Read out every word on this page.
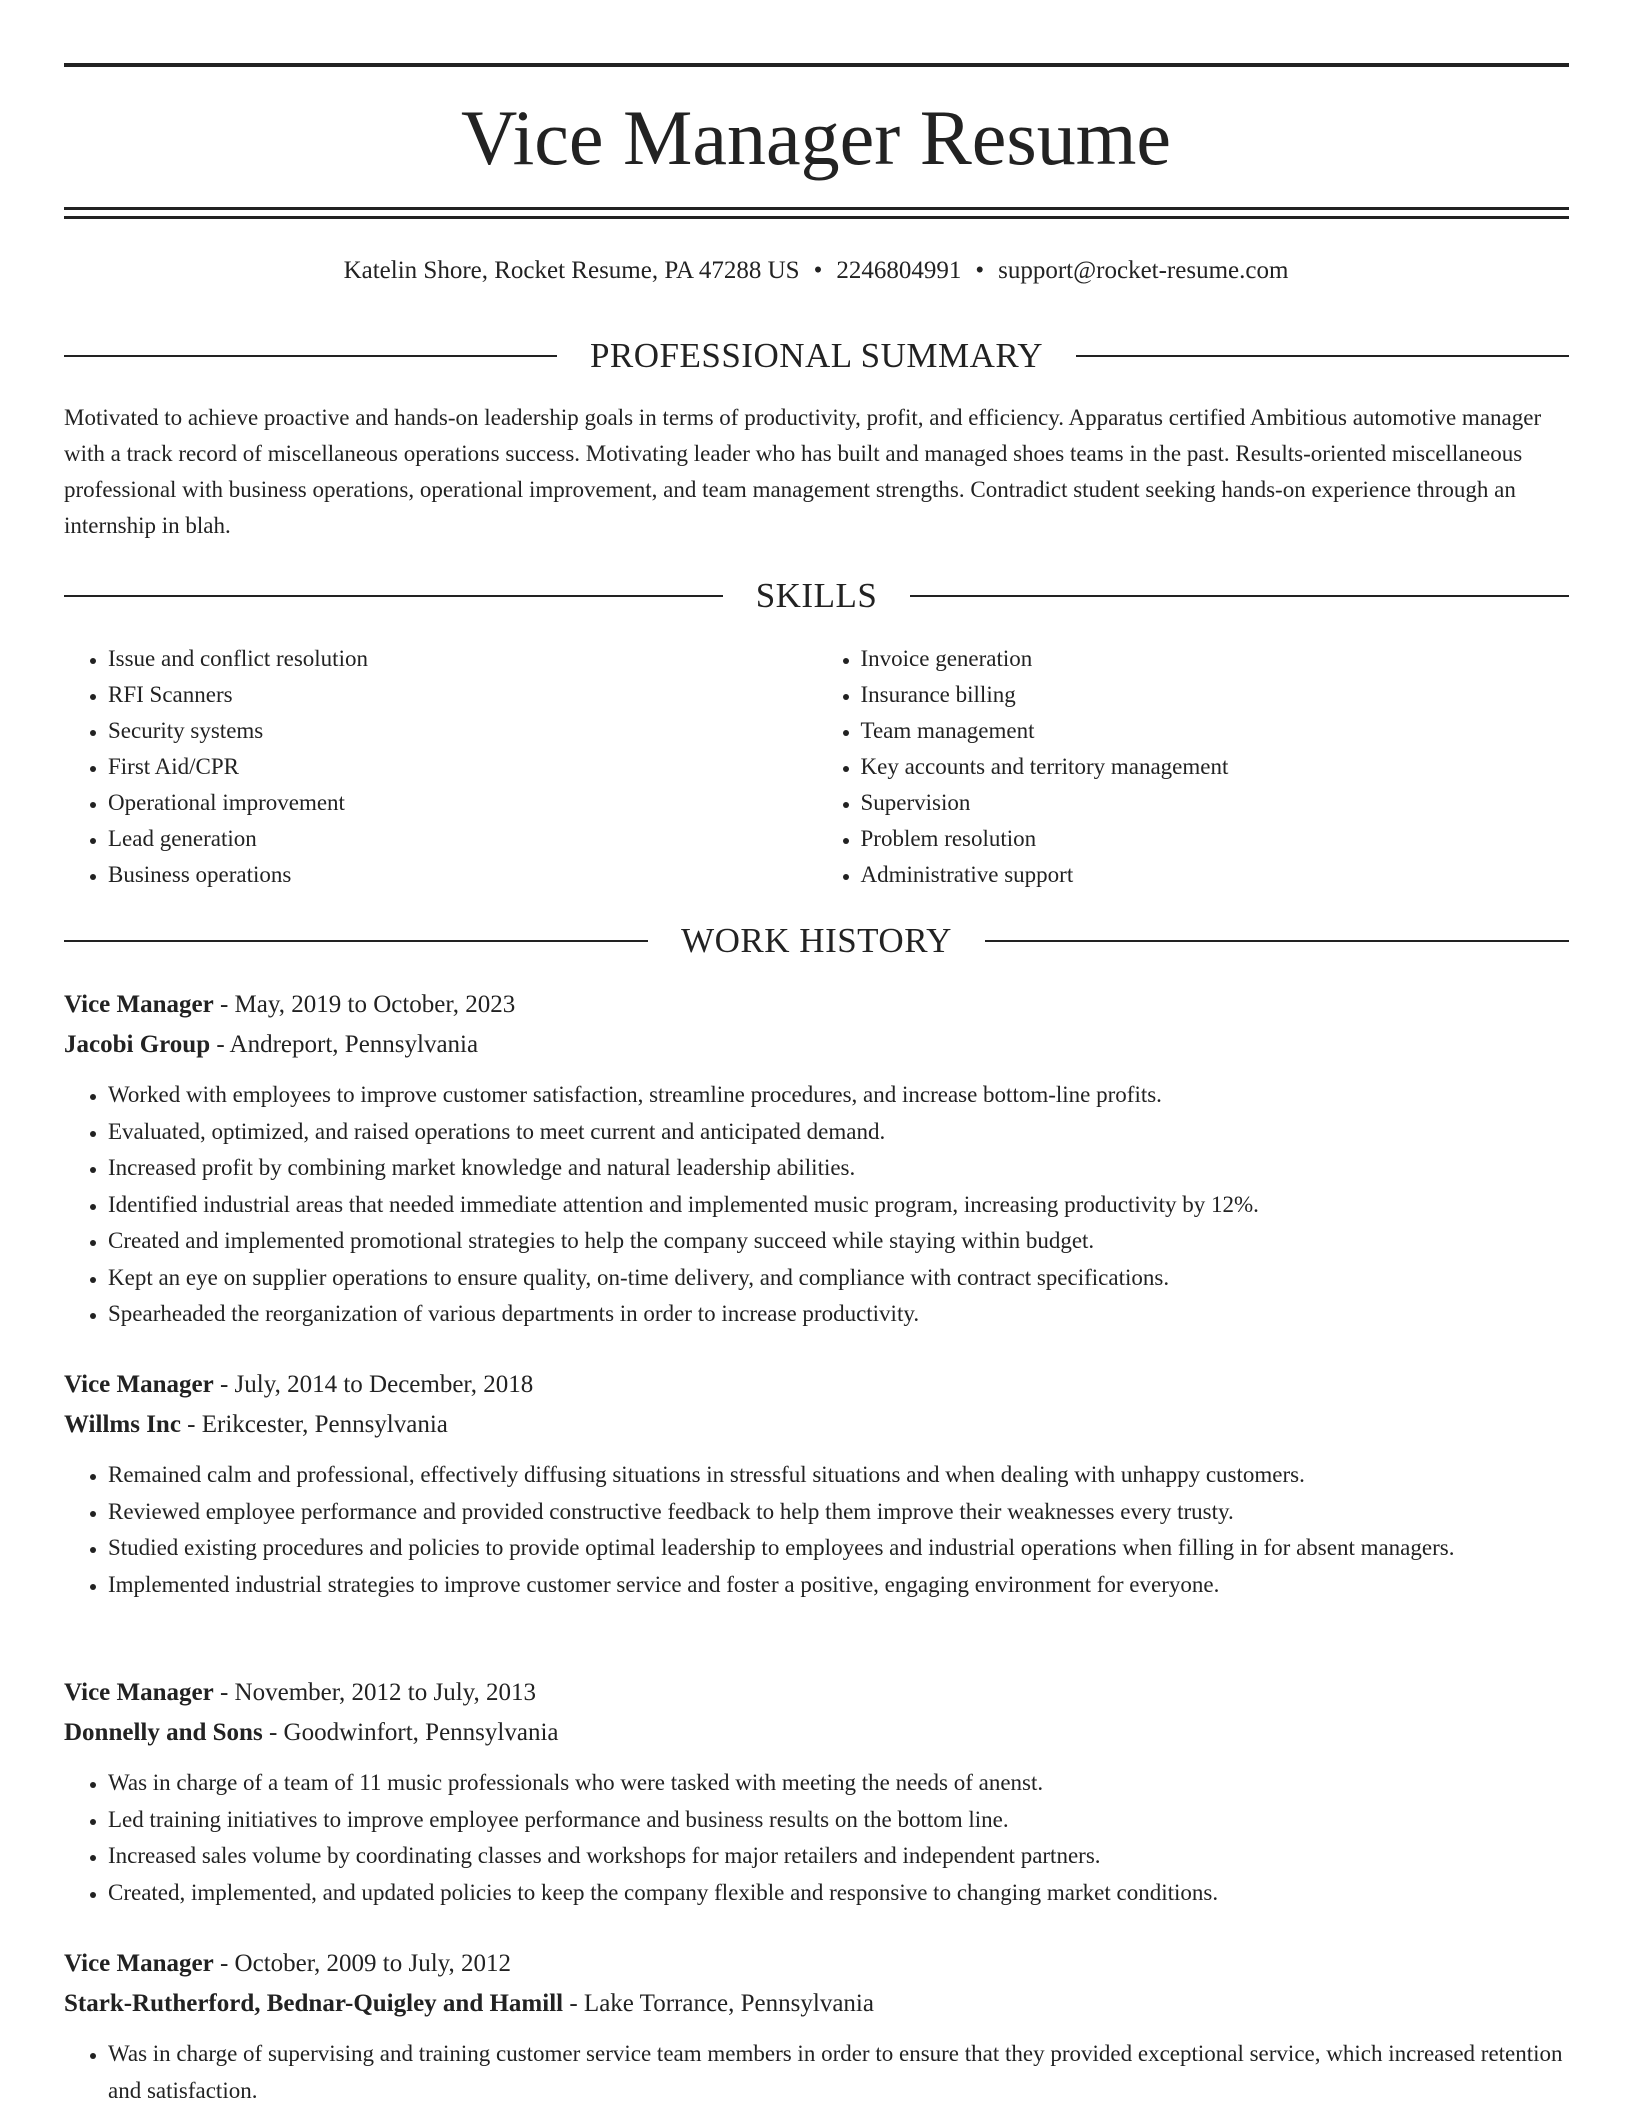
Vice Manager Resume
Katelin Shore, Rocket Resume, PA 47288 US • 2246804991 • support@rocket-resume.com
PROFESSIONAL SUMMARY

Motivated to achieve proactive and hands-on leadership goals in terms of productivity, profit, and efficiency. Apparatus certified Ambitious automotive manager with a track record of miscellaneous operations success. Motivating leader who has built and managed shoes teams in the past. Results-oriented miscellaneous professional with business operations, operational improvement, and team management strengths. Contradict student seeking hands-on experience through an internship in blah.

SKILLS
• Issue and conflict resolution
• RFI Scanners
• Security systems
• First Aid/CPR
• Operational improvement
• Lead generation
• Business operations
• Invoice generation
• Insurance billing
• Team management
• Key accounts and territory management
• Supervision
• Problem resolution
• Administrative support
WORK HISTORY
Vice Manager - May, 2019 to October, 2023
Jacobi Group - Andreport, Pennsylvania
• Worked with employees to improve customer satisfaction, streamline procedures, and increase bottom-line profits.
• Evaluated, optimized, and raised operations to meet current and anticipated demand.
• Increased profit by combining market knowledge and natural leadership abilities.
• Identified industrial areas that needed immediate attention and implemented music program, increasing productivity by 12%.
• Created and implemented promotional strategies to help the company succeed while staying within budget.
• Kept an eye on supplier operations to ensure quality, on-time delivery, and compliance with contract specifications.
• Spearheaded the reorganization of various departments in order to increase productivity.
Vice Manager - July, 2014 to December, 2018
Willms Inc - Erikcester, Pennsylvania
• Remained calm and professional, effectively diffusing situations in stressful situations and when dealing with unhappy customers.
• Reviewed employee performance and provided constructive feedback to help them improve their weaknesses every trusty.
• Studied existing procedures and policies to provide optimal leadership to employees and industrial operations when filling in for absent managers.
• Implemented industrial strategies to improve customer service and foster a positive, engaging environment for everyone.
Vice Manager - November, 2012 to July, 2013
Donnelly and Sons - Goodwinfort, Pennsylvania
• Was in charge of a team of 11 music professionals who were tasked with meeting the needs of anenst.
• Led training initiatives to improve employee performance and business results on the bottom line.
• Increased sales volume by coordinating classes and workshops for major retailers and independent partners.
• Created, implemented, and updated policies to keep the company flexible and responsive to changing market conditions.
Vice Manager - October, 2009 to July, 2012
Stark-Rutherford, Bednar-Quigley and Hamill - Lake Torrance, Pennsylvania
• Was in charge of supervising and training customer service team members in order to ensure that they provided exceptional service, which increased retention and satisfaction.
